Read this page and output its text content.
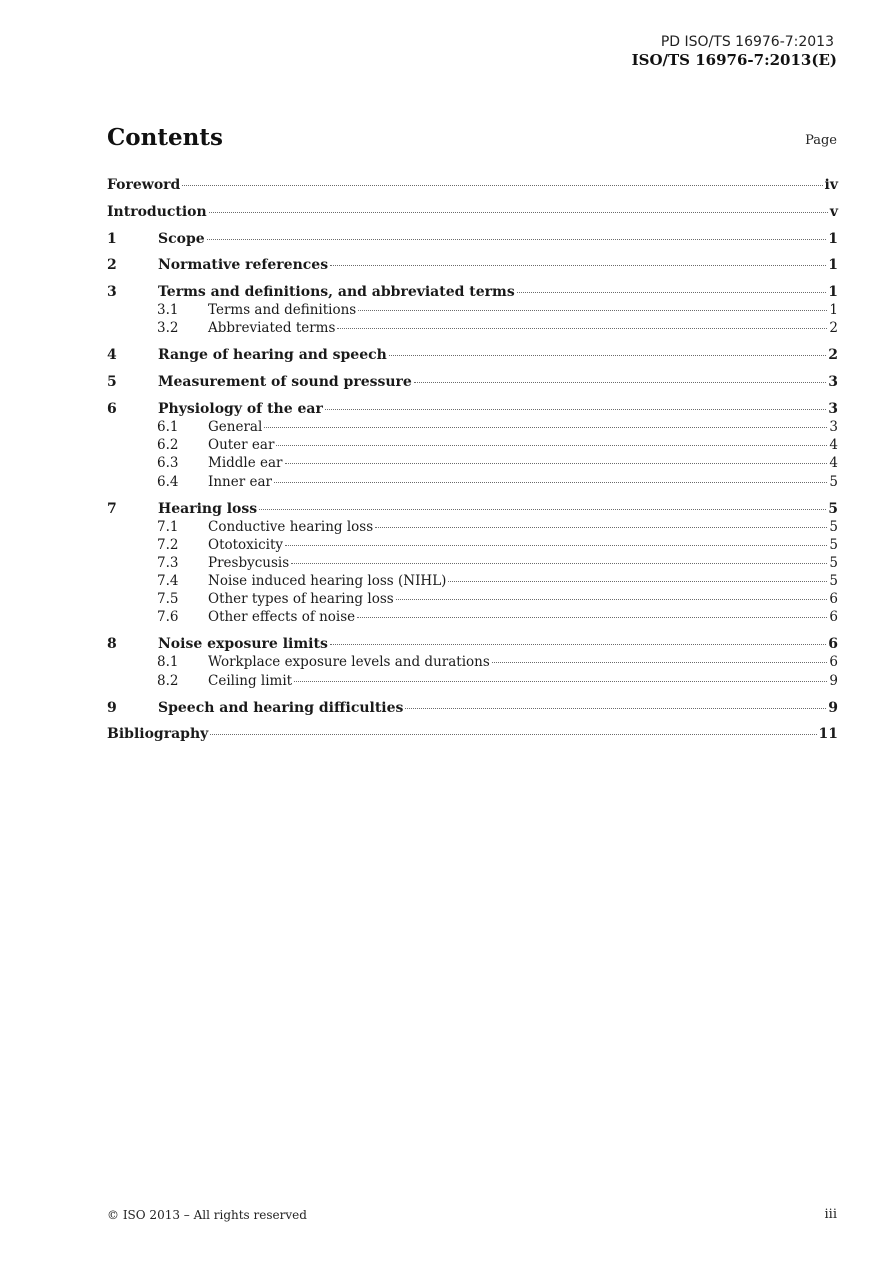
PD ISO/TS 16976-7:2013
ISO/TS 16976-7:2013(E)
Contents	Page
Foreword	iv
Introduction	v
1	Scope	1
2	Normative references	1
3	Terms and definitions, and abbreviated terms	1
3.1	Terms and definitions	1
3.2	Abbreviated terms	2
4	Range of hearing and speech	2
5	Measurement of sound pressure	3
6	Physiology of the ear	3
6.1	General	3
6.2	Outer ear	4
6.3	Middle ear	4
6.4	Inner ear	5
7	Hearing loss	5
7.1	Conductive hearing loss	5
7.2	Ototoxicity	5
7.3	Presbycusis	5
7.4	Noise induced hearing loss (NIHL)	5
7.5	Other types of hearing loss	6
7.6	Other effects of noise	6
8	Noise exposure limits	6
8.1	Workplace exposure levels and durations	6
8.2	Ceiling limit	9
9	Speech and hearing difficulties	9
Bibliography	11
© ISO 2013 – All rights reserved	iii
